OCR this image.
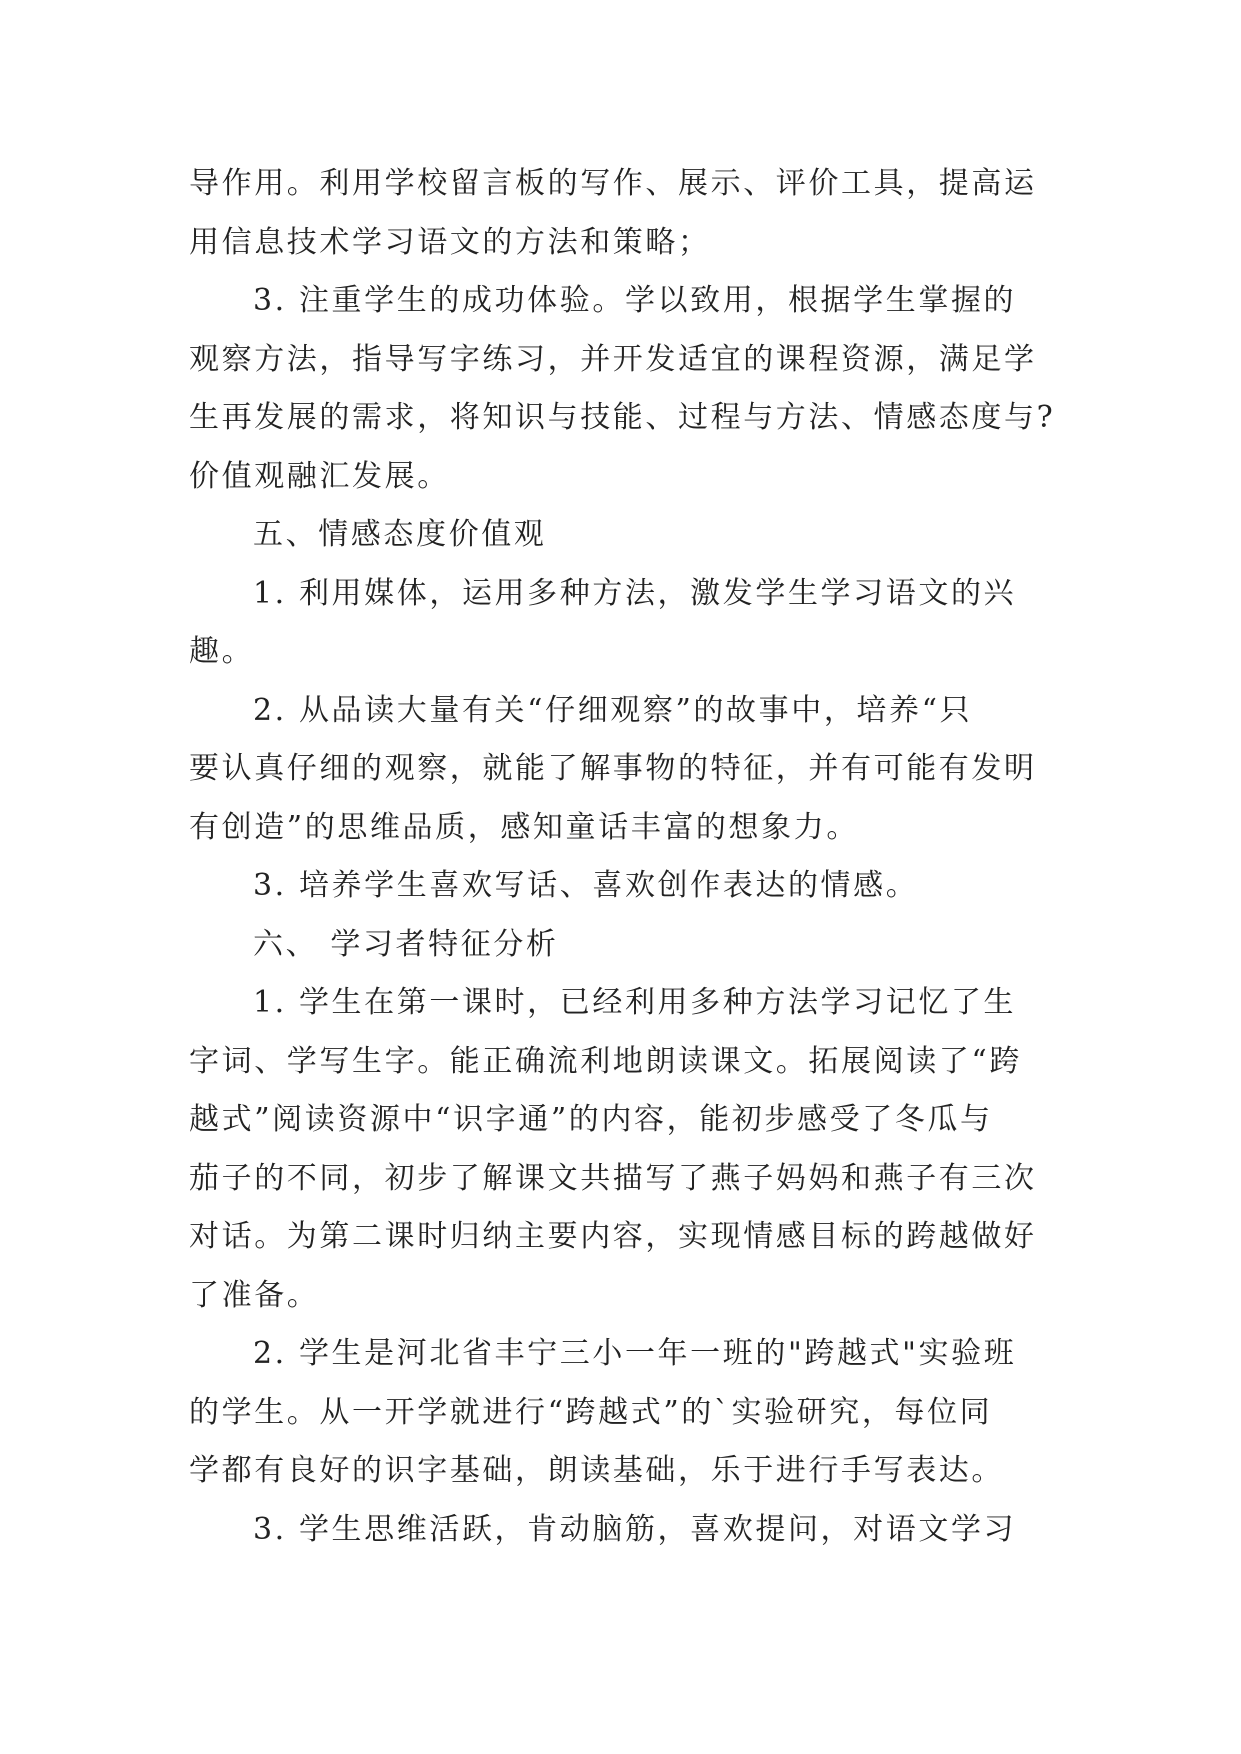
导作用。利用学校留言板的写作、展示、评价工具，提高运
用信息技术学习语文的方法和策略；
3. 注重学生的成功体验。学以致用，根据学生掌握的
观察方法，指导写字练习，并开发适宜的课程资源，满足学
生再发展的需求，将知识与技能、过程与方法、情感态度与?
价值观融汇发展。
五、情感态度价值观
1. 利用媒体，运用多种方法，激发学生学习语文的兴
趣。
2. 从品读大量有关“仔细观察”的故事中，培养“只
要认真仔细的观察，就能了解事物的特征，并有可能有发明
有创造”的思维品质，感知童话丰富的想象力。
3. 培养学生喜欢写话、喜欢创作表达的情感。
六、 学习者特征分析
1. 学生在第一课时，已经利用多种方法学习记忆了生
字词、学写生字。能正确流利地朗读课文。拓展阅读了“跨
越式”阅读资源中“识字通”的内容，能初步感受了冬瓜与
茄子的不同，初步了解课文共描写了燕子妈妈和燕子有三次
对话。为第二课时归纳主要内容，实现情感目标的跨越做好
了准备。
2. 学生是河北省丰宁三小一年一班的"跨越式"实验班
的学生。从一开学就进行“跨越式”的`实验研究，每位同
学都有良好的识字基础，朗读基础，乐于进行手写表达。
3. 学生思维活跃，肯动脑筋，喜欢提问，对语文学习
